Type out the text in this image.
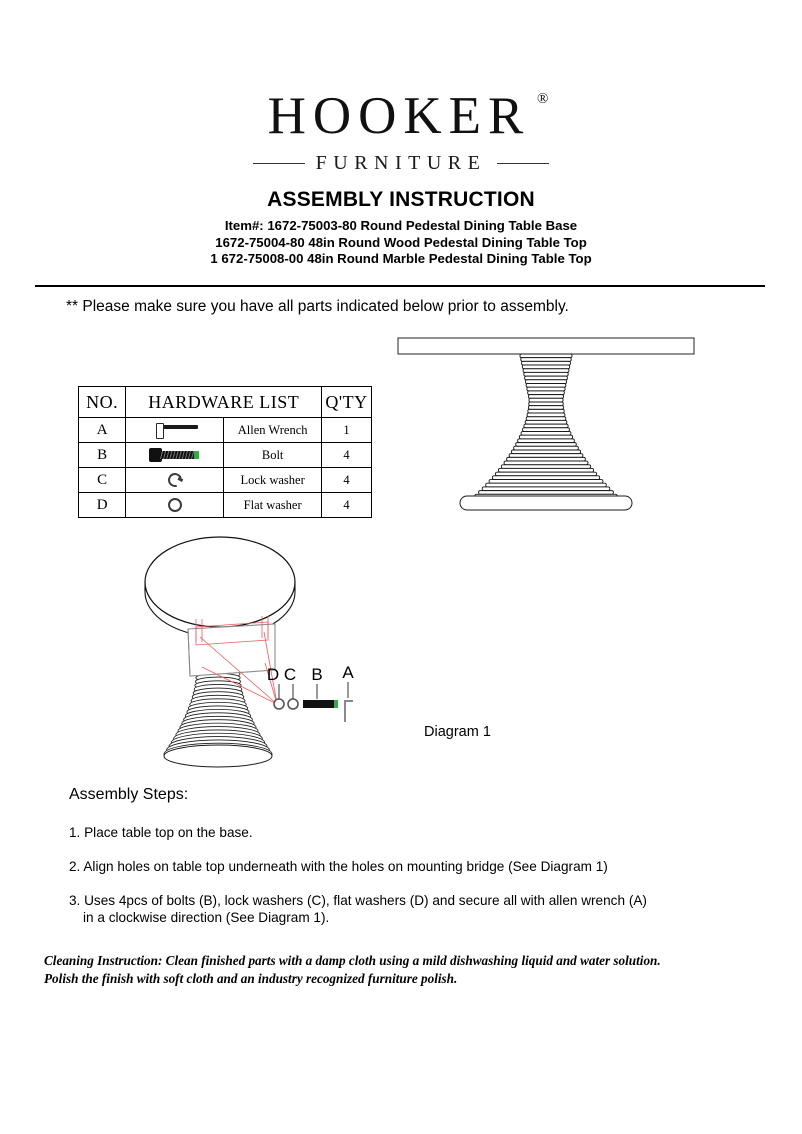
HOOKER ®
FURNITURE
ASSEMBLY INSTRUCTION
Item#: 1672-75003-80 Round Pedestal Dining Table Base
1672-75004-80 48in Round Wood Pedestal Dining Table Top
1 672-75008-00 48in Round Marble Pedestal Dining Table Top
** Please make sure you have all parts indicated below prior to assembly.
NO.	HARDWARE LIST		Q'TY
A		Allen Wrench	1
B		Bolt	4
C		Lock washer	4
D		Flat washer	4
D C B A
Diagram 1
Assembly Steps:
1. Place table top on the base.
2. Align holes on table top underneath with the holes on mounting bridge (See Diagram 1)
3. Uses 4pcs of bolts (B), lock washers (C), flat washers (D) and secure all with allen wrench (A)
in a clockwise direction (See Diagram 1).
Cleaning Instruction: Clean finished parts with a damp cloth using a mild dishwashing liquid and water solution.
Polish the finish with soft cloth and an industry recognized furniture polish.
